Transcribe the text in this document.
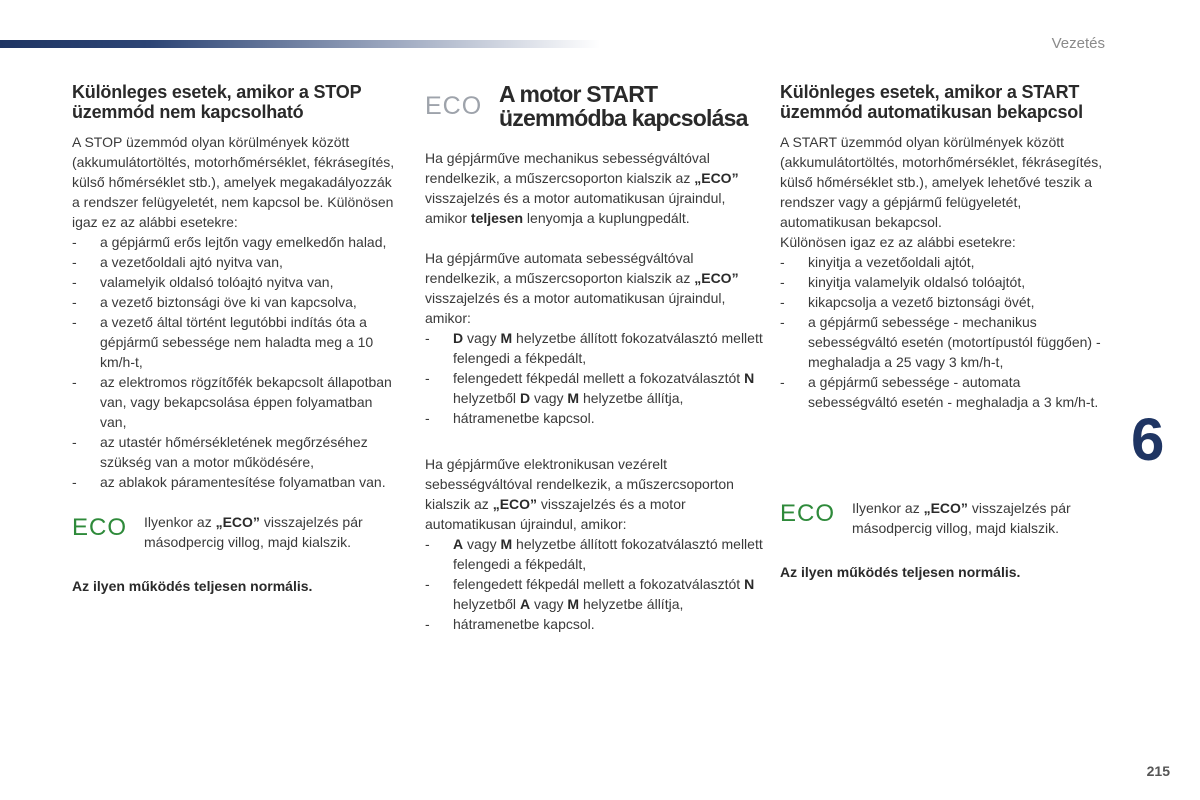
Vezetés
Különleges esetek, amikor a STOP üzemmód nem kapcsolható

A STOP üzemmód olyan körülmények között (akkumulátortöltés, motorhőmérséklet, fékrásegítés, külső hőmérséklet stb.), amelyek megakadályozzák a rendszer felügyeletét, nem kapcsol be. Különösen igaz ez az alábbi esetekre:

- a gépjármű erős lejtőn vagy emelkedőn halad,
- a vezetőoldali ajtó nyitva van,
- valamelyik oldalsó tolóajtó nyitva van,
- a vezető biztonsági öve ki van kapcsolva,
- a vezető által történt legutóbbi indítás óta a gépjármű sebessége nem haladta meg a 10 km/h-t,
- az elektromos rögzítőfék bekapcsolt állapotban van, vagy bekapcsolása éppen folyamatban van,
- az utastér hőmérsékletének megőrzéséhez szükség van a motor működésére,
- az ablakok páramentesítése folyamatban van.
ECO Ilyenkor az „ECO” visszajelzés pár másodpercig villog, majd kialszik.

Az ilyen működés teljesen normális.
ECO A motor START üzemmódba kapcsolása

Ha gépjárműve mechanikus sebességváltóval rendelkezik, a műszercsoporton kialszik az „ECO” visszajelzés és a motor automatikusan újraindul, amikor teljesen lenyomja a kuplungpedált.

Ha gépjárműve automata sebességváltóval rendelkezik, a műszercsoporton kialszik az „ECO” visszajelzés és a motor automatikusan újraindul, amikor:

- D vagy M helyzetbe állított fokozatválasztó mellett felengedi a fékpedált,
- felengedett fékpedál mellett a fokozatválasztót N helyzetből D vagy M helyzetbe állítja,
- hátramenetbe kapcsol.

Ha gépjárműve elektronikusan vezérelt sebességváltóval rendelkezik, a műszercsoporton kialszik az „ECO” visszajelzés és a motor automatikusan újraindul, amikor:

- A vagy M helyzetbe állított fokozatválasztó mellett felengedi a fékpedált,
- felengedett fékpedál mellett a fokozatválasztót N helyzetből A vagy M helyzetbe állítja,
- hátramenetbe kapcsol.
Különleges esetek, amikor a START üzemmód automatikusan bekapcsol

A START üzemmód olyan körülmények között (akkumulátortöltés, motorhőmérséklet, fékrásegítés, külső hőmérséklet stb.), amelyek lehetővé teszik a rendszer vagy a gépjármű felügyeletét, automatikusan bekapcsol.

Különösen igaz ez az alábbi esetekre:

- kinyitja a vezetőoldali ajtót,
- kinyitja valamelyik oldalsó tolóajtót,
- kikapcsolja a vezető biztonsági övét,
- a gépjármű sebessége - mechanikus sebességváltó esetén (motortípustól függően) - meghaladja a 25 vagy 3 km/h-t,
- a gépjármű sebessége - automata sebességváltó esetén - meghaladja a 3 km/h-t.
ECO Ilyenkor az „ECO” visszajelzés pár másodpercig villog, majd kialszik.

Az ilyen működés teljesen normális.
6
215
